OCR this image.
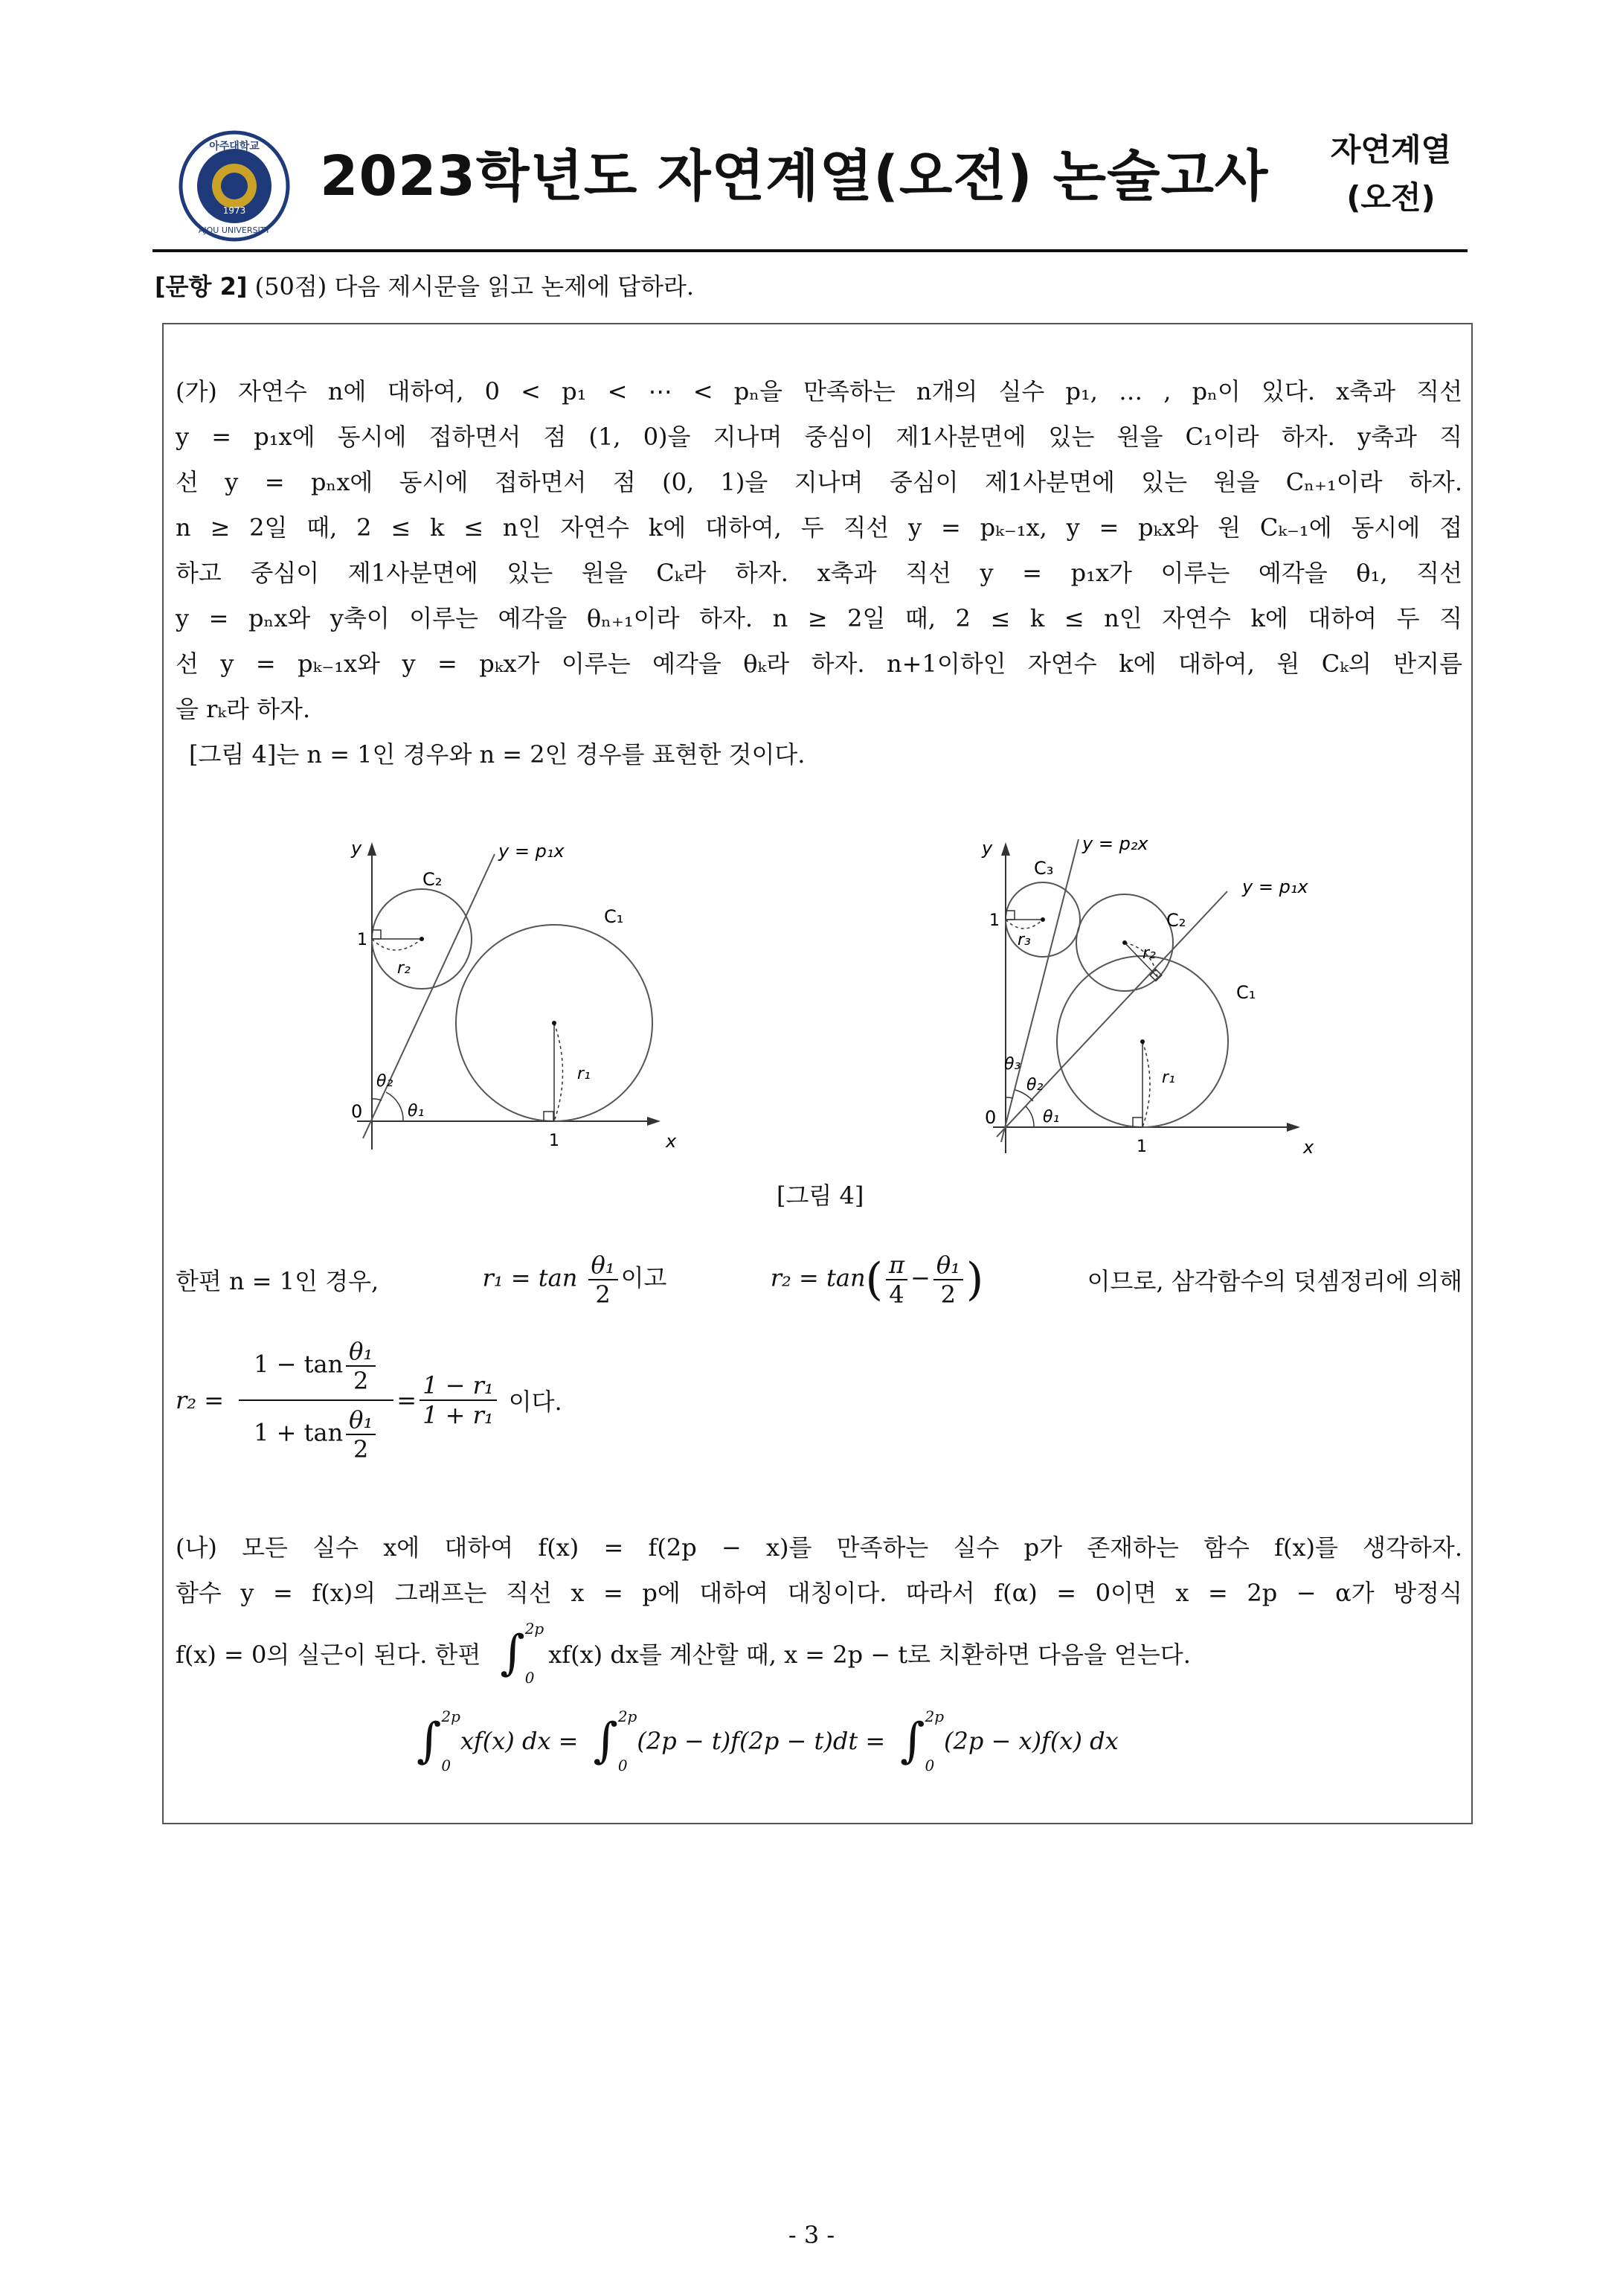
아주대학교
AJOU UNIVERSITY
1973
2023학년도 자연계열(오전) 논술고사	자연계열
(오전)
[문항 2] (50점) 다음 제시문을 읽고 논제에 답하라.
(가) 자연수 n에 대하여, 0 < p₁ < ⋯ < pₙ을 만족하는 n개의 실수 p₁, … , pₙ이 있다. x축과 직선
y = p₁x에 동시에 접하면서 점 (1, 0)을 지나며 중심이 제1사분면에 있는 원을 C₁이라 하자. y축과 직
선 y = pₙx에 동시에 접하면서 점 (0, 1)을 지나며 중심이 제1사분면에 있는 원을 Cₙ₊₁이라 하자.
n ≥ 2일 때, 2 ≤ k ≤ n인 자연수 k에 대하여, 두 직선 y = pₖ₋₁x, y = pₖx와 원 Cₖ₋₁에 동시에 접
하고 중심이 제1사분면에 있는 원을 Cₖ라 하자. x축과 직선 y = p₁x가 이루는 예각을 θ₁, 직선
y = pₙx와 y축이 이루는 예각을 θₙ₊₁이라 하자. n ≥ 2일 때, 2 ≤ k ≤ n인 자연수 k에 대하여 두 직
선 y = pₖ₋₁x와 y = pₖx가 이루는 예각을 θₖ라 하자. n+1이하인 자연수 k에 대하여, 원 Cₖ의 반지름
을 rₖ라 하자.
[그림 4]는 n = 1인 경우와 n = 2인 경우를 표현한 것이다.
y
x
0
1
1
y = p₁x
C₁
C₂
r₁
r₂
θ₁
θ₂
y
x
0
1
1
y = p₂x
y = p₁x
C₁
C₂
C₃
r₁
r₂
r₃
θ₁
θ₂
θ₃
[그림 4]
한편 n = 1인 경우,	$r_1 = \tan \frac{\text{θ₁}}{2}$ 이고	$r_2 = \tan( \frac{\pi}{4} - \frac{\text{θ₁}}{2}$ )	이므로, 삼각함수의 덧셈정리에 의해
$r_2 = \frac{1 - \tan \frac{\text{θ₁}}{2}}{1 + \tan \frac{\text{θ₁}}{2}} = \frac{\text{1 − r₁}}{\text{1 + r₁}}$ 이다.
(나) 모든 실수 x에 대하여 f(x) = f(2p − x)를 만족하는 실수 p가 존재하는 함수 f(x)를 생각하자.
함수 y = f(x)의 그래프는 직선 x = p에 대하여 대칭이다. 따라서 f(α) = 0이면 x = 2p − α가 방정식
f(x) = 0의 실근이 된다. 한편 ∫ 2p
0
xf(x) dx를 계산할 때, x = 2p − t로 치환하면 다음을 얻는다.
∫ 2p
0
xf(x) dx = ∫ 2p
0
(2p − t)f(2p − t)dt = ∫ 2p
0
(2p − x)f(x) dx
- 3 -
